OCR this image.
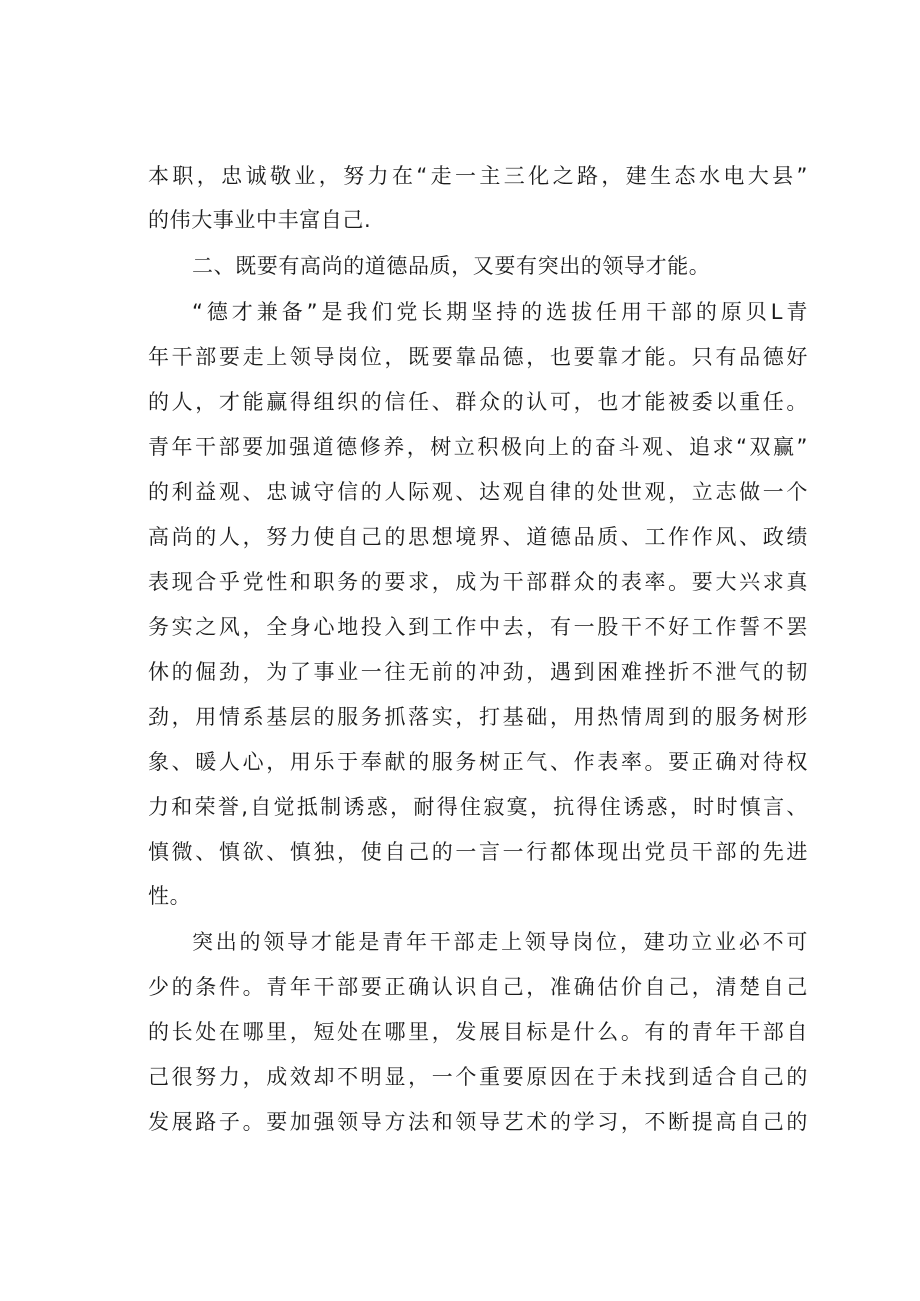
本职，忠诚敬业，努力在“走一主三化之路，建生态水电大县”
的伟大事业中丰富自己.
二、既要有高尚的道德品质，又要有突出的领导才能。
“德才兼备”是我们党长期坚持的选拔任用干部的原贝L青
年干部要走上领导岗位，既要靠品德，也要靠才能。只有品德好
的人，才能赢得组织的信任、群众的认可，也才能被委以重任。
青年干部要加强道德修养，树立积极向上的奋斗观、追求“双赢”
的利益观、忠诚守信的人际观、达观自律的处世观，立志做一个
高尚的人，努力使自己的思想境界、道德品质、工作作风、政绩
表现合乎党性和职务的要求，成为干部群众的表率。要大兴求真
务实之风，全身心地投入到工作中去，有一股干不好工作誓不罢
休的倔劲，为了事业一往无前的冲劲，遇到困难挫折不泄气的韧
劲，用情系基层的服务抓落实，打基础，用热情周到的服务树形
象、暖人心，用乐于奉献的服务树正气、作表率。要正确对待权
力和荣誉,自觉抵制诱惑，耐得住寂寞，抗得住诱惑，时时慎言、
慎微、慎欲、慎独，使自己的一言一行都体现出党员干部的先进
性。
突出的领导才能是青年干部走上领导岗位，建功立业必不可
少的条件。青年干部要正确认识自己，准确估价自己，清楚自己
的长处在哪里，短处在哪里，发展目标是什么。有的青年干部自
己很努力，成效却不明显，一个重要原因在于未找到适合自己的
发展路子。要加强领导方法和领导艺术的学习，不断提高自己的
